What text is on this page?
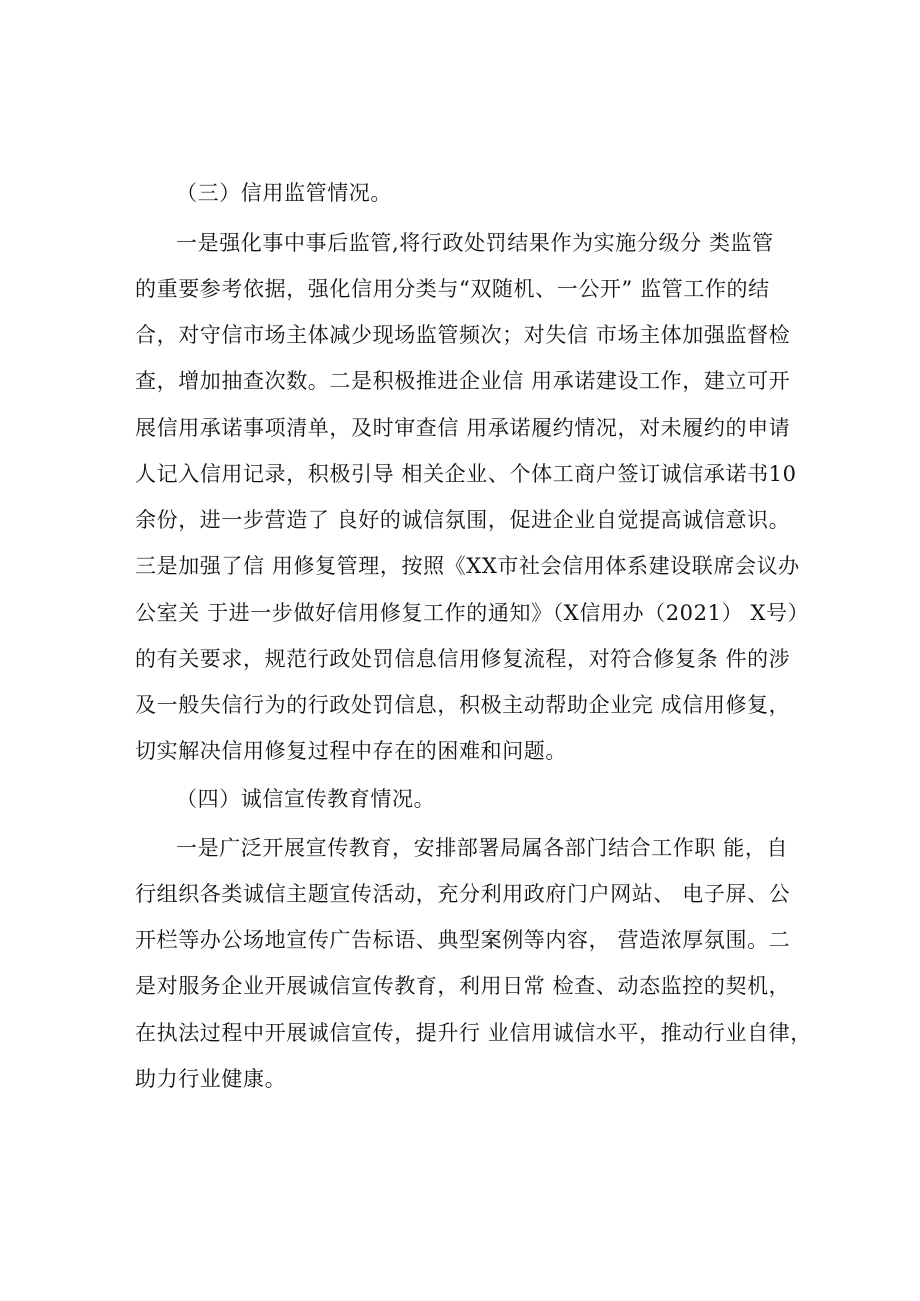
（三）信用监管情况。
一是强化事中事后监管,将行政处罚结果作为实施分级分 类监管
的重要参考依据，强化信用分类与“双随机、一公开” 监管工作的结
合，对守信市场主体减少现场监管频次；对失信 市场主体加强监督检
查，增加抽查次数。二是积极推进企业信 用承诺建设工作，建立可开
展信用承诺事项清单，及时审查信 用承诺履约情况，对未履约的申请
人记入信用记录，积极引导 相关企业、个体工商户签订诚信承诺书10
余份，进一步营造了 良好的诚信氛围，促进企业自觉提高诚信意识。
三是加强了信 用修复管理，按照《XX市社会信用体系建设联席会议办
公室关 于进一步做好信用修复工作的通知》（X信用办（2021） X号）
的有关要求，规范行政处罚信息信用修复流程，对符合修复条 件的涉
及一般失信行为的行政处罚信息，积极主动帮助企业完 成信用修复，
切实解决信用修复过程中存在的困难和问题。
（四）诚信宣传教育情况。
一是广泛开展宣传教育，安排部署局属各部门结合工作职 能，自
行组织各类诚信主题宣传活动，充分利用政府门户网站、 电子屏、公
开栏等办公场地宣传广告标语、典型案例等内容， 营造浓厚氛围。二
是对服务企业开展诚信宣传教育，利用日常 检查、动态监控的契机，
在执法过程中开展诚信宣传，提升行 业信用诚信水平，推动行业自律，
助力行业健康。
